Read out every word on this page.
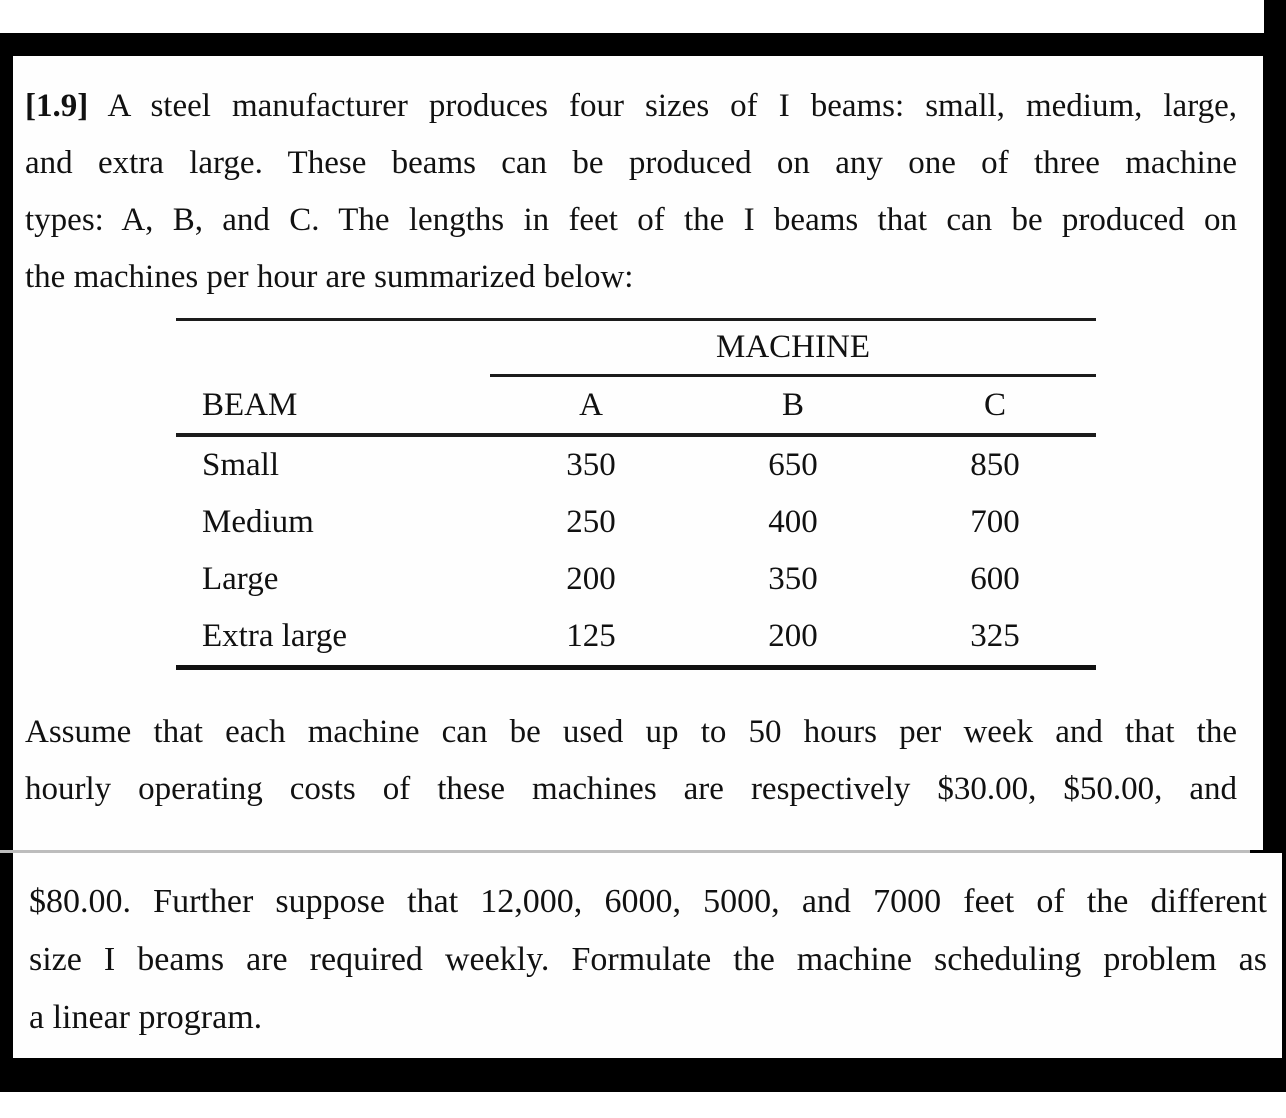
[1.9] A steel manufacturer produces four sizes of I beams: small, medium, large,
and extra large. These beams can be produced on any one of three machine
types: A, B, and C. The lengths in feet of the I beams that can be produced on
the machines per hour are summarized below:
MACHINE
BEAM	A	B	C
Small	350	650	850
Medium	250	400	700
Large	200	350	600
Extra large	125	200	325
Assume that each machine can be used up to 50 hours per week and that the
hourly operating costs of these machines are respectively $30.00, $50.00, and
$80.00. Further suppose that 12,000, 6000, 5000, and 7000 feet of the different
size I beams are required weekly. Formulate the machine scheduling problem as
a linear program.
